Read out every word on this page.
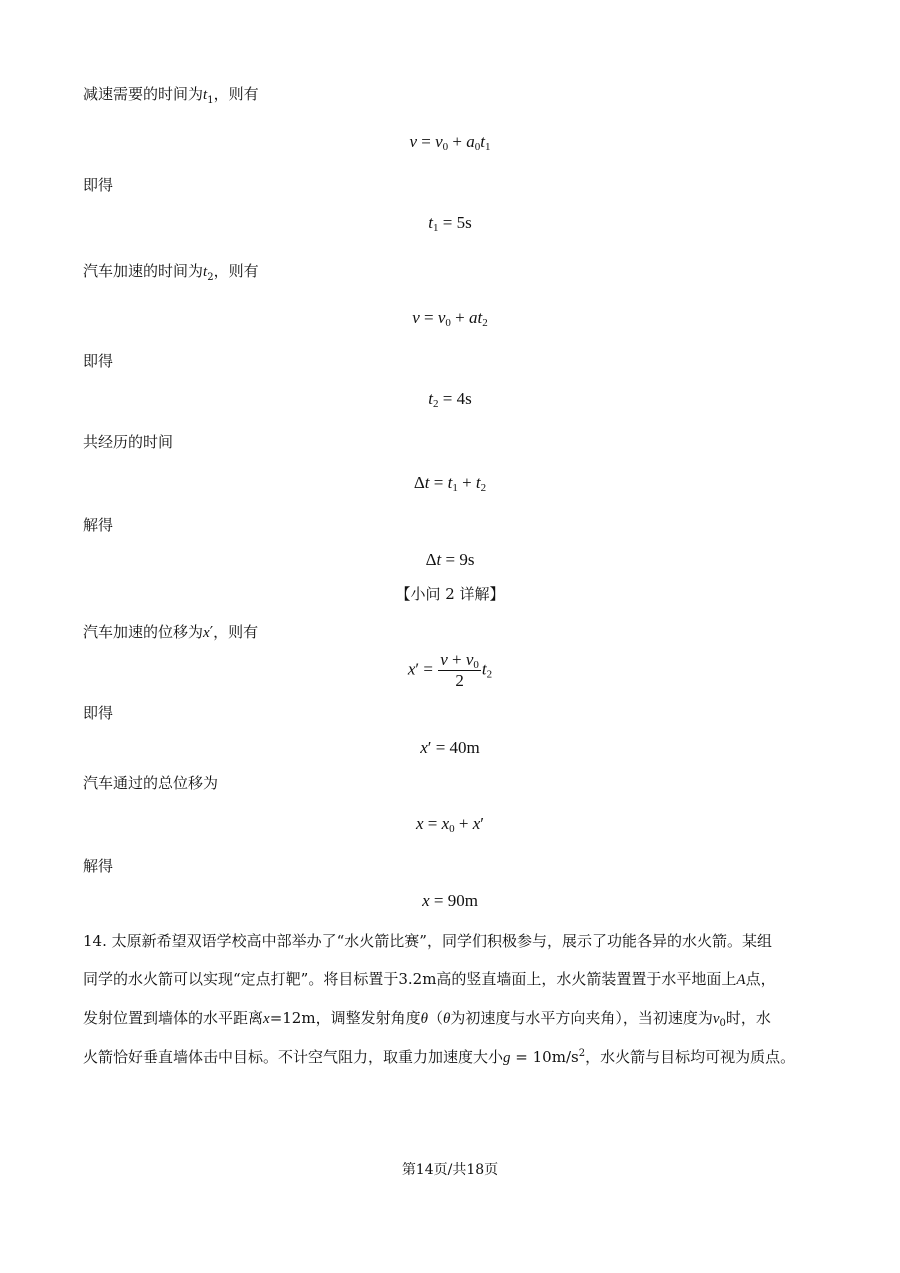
减速需要的时间为$t_1$，则有
$v = v_0 + a_0t_1$
即得
$t_1 = 5s$
汽车加速的时间为$t_2$，则有
$v = v_0 + at_2$
即得
$t_2 = 4s$
共经历的时间
$\Delta t = t_1 + t_2$
解得
Δt = 9s
【小问 2 详解】
汽车加速的位移为x′，则有
$x' = \frac{v + v_0}{2} t_2$
即得
x′ = 40m
汽车通过的总位移为
$x = x_0 + x'$
解得
x = 90m
14. 太原新希望双语学校高中部举办了“水火箭比赛”，同学们积极参与，展示了功能各异的水火箭。某组
同学的水火箭可以实现“定点打靶”。将目标置于3.2m高的竖直墙面上，水火箭装置置于水平地面上A点，
发射位置到墙体的水平距离x=12m，调整发射角度θ（θ为初速度与水平方向夹角），当初速度为$v_0$时，水
火箭恰好垂直墙体击中目标。不计空气阻力，取重力加速度大小$g = 10m/s^2$，水火箭与目标均可视为质点。
第14页/共18页
